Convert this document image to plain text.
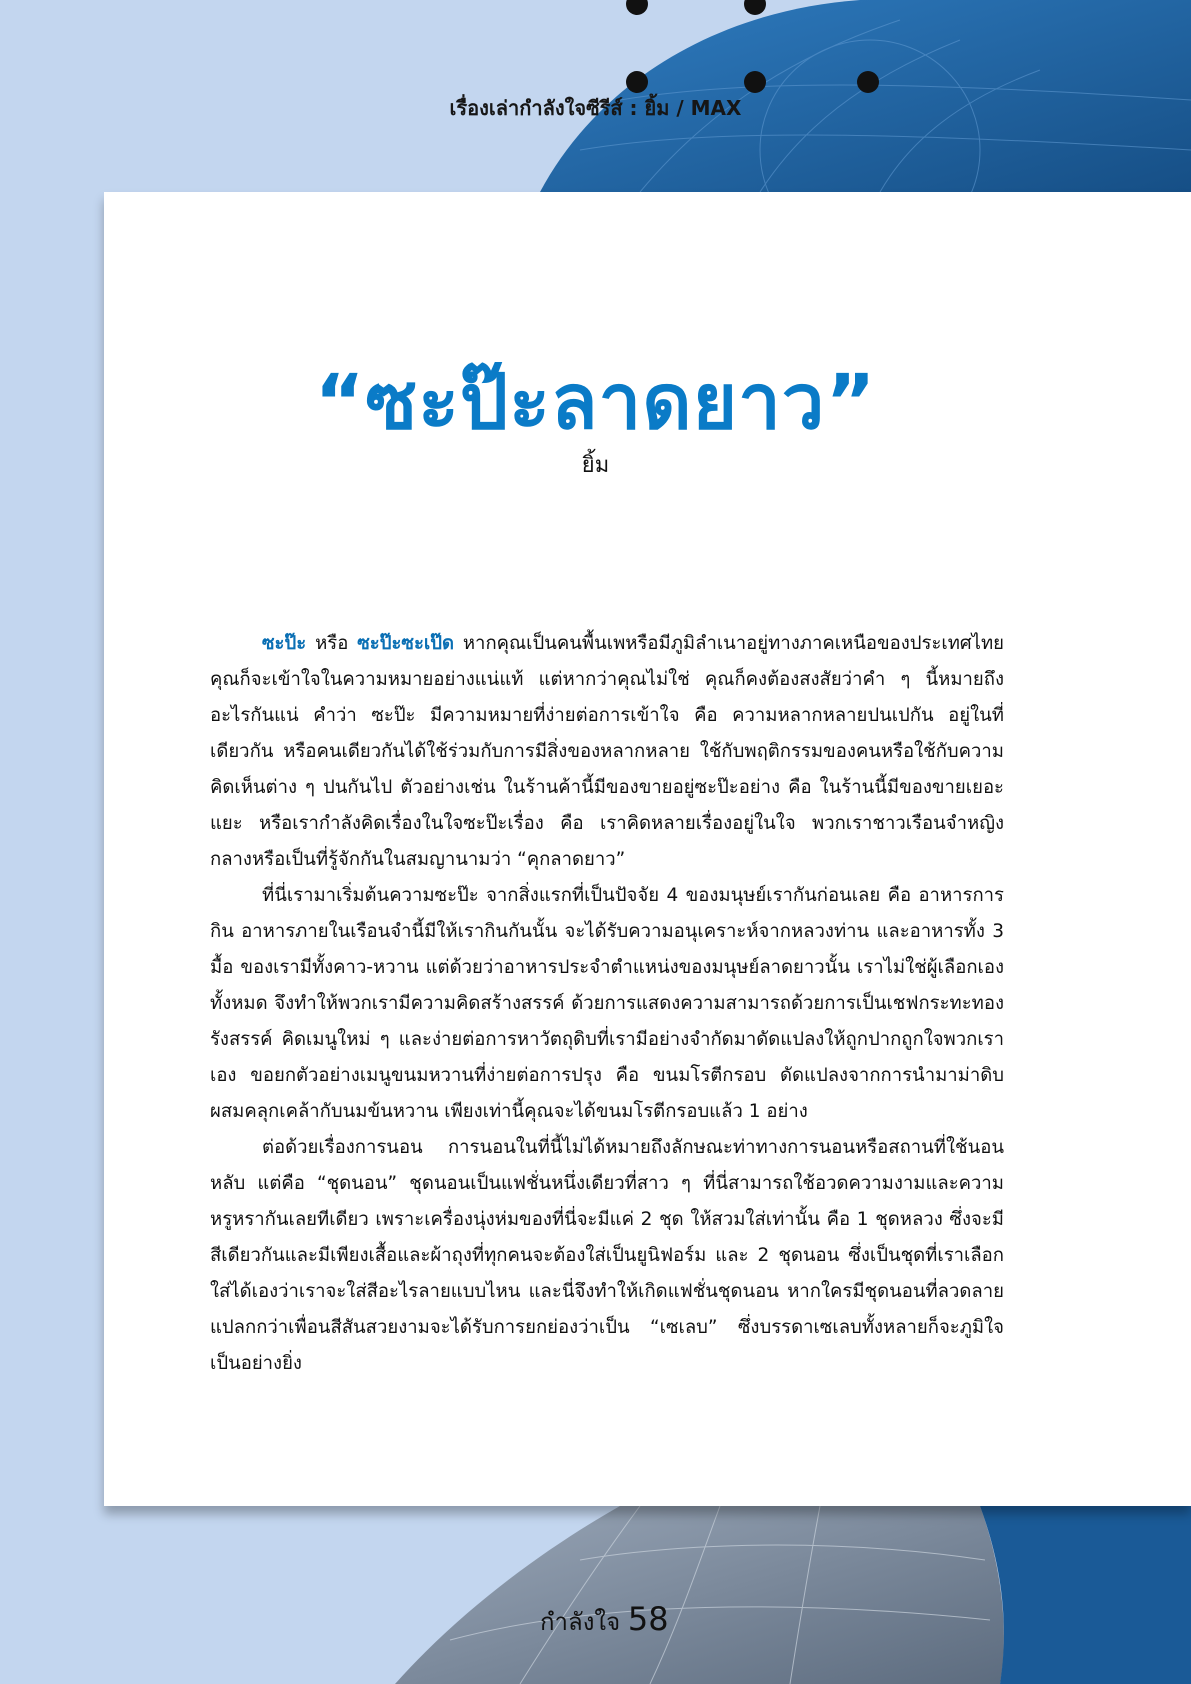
เรื่องเล่ากำลังใจซีรีส์ : ยิ้ม / MAX
“ซะป๊ะลาดยาว”
ยิ้ม

ซะป๊ะ หรือ ซะป๊ะซะเป๊ด หากคุณเป็นคนพื้นเพหรือมีภูมิลำเนาอยู่ทางภาคเหนือของประเทศไทย คุณก็จะเข้าใจในความหมายอย่างแน่แท้ แต่หากว่าคุณไม่ใช่ คุณก็คงต้องสงสัยว่าคำ ๆ นี้หมายถึงอะไรกันแน่ คำว่า ซะป๊ะ มีความหมายที่ง่ายต่อการเข้าใจ คือ ความหลากหลายปนเปกัน อยู่ในที่เดียวกัน หรือคนเดียวกันได้ใช้ร่วมกับการมีสิ่งของหลากหลาย ใช้กับพฤติกรรมของคนหรือใช้กับความคิดเห็นต่าง ๆ ปนกันไป ตัวอย่างเช่น ในร้านค้านี้มีของขายอยู่ซะป๊ะอย่าง คือ ในร้านนี้มีของขายเยอะแยะ หรือเรากำลังคิดเรื่องในใจซะป๊ะเรื่อง คือ เราคิดหลายเรื่องอยู่ในใจ พวกเราชาวเรือนจำหญิงกลางหรือเป็นที่รู้จักกันในสมญานามว่า “คุกลาดยาว”

ที่นี่เรามาเริ่มต้นความซะป๊ะ จากสิ่งแรกที่เป็นปัจจัย 4 ของมนุษย์เรากันก่อนเลย คือ อาหารการกิน อาหารภายในเรือนจำนี้มีให้เรากินกันนั้น จะได้รับความอนุเคราะห์จากหลวงท่าน และอาหารทั้ง 3 มื้อ ของเรามีทั้งคาว-หวาน แต่ด้วยว่าอาหารประจำตำแหน่งของมนุษย์ลาดยาวนั้น เราไม่ใช่ผู้เลือกเองทั้งหมด จึงทำให้พวกเรามีความคิดสร้างสรรค์ ด้วยการแสดงความสามารถด้วยการเป็นเชฟกระทะทอง รังสรรค์ คิดเมนูใหม่ ๆ และง่ายต่อการหาวัตถุดิบที่เรามีอย่างจำกัดมาดัดแปลงให้ถูกปากถูกใจพวกเราเอง ขอยกตัวอย่างเมนูขนมหวานที่ง่ายต่อการปรุง คือ ขนมโรตีกรอบ ดัดแปลงจากการนำมาม่าดิบผสมคลุกเคล้ากับนมข้นหวาน เพียงเท่านี้คุณจะได้ขนมโรตีกรอบแล้ว 1 อย่าง

ต่อด้วยเรื่องการนอน การนอนในที่นี้ไม่ได้หมายถึงลักษณะท่าทางการนอนหรือสถานที่ใช้นอนหลับ แต่คือ “ชุดนอน” ชุดนอนเป็นแฟชั่นหนึ่งเดียวที่สาว ๆ ที่นี่สามารถใช้อวดความงามและความหรูหรากันเลยทีเดียว เพราะเครื่องนุ่งห่มของที่นี่จะมีแค่ 2 ชุด ให้สวมใส่เท่านั้น คือ 1 ชุดหลวง ซึ่งจะมีสีเดียวกันและมีเพียงเสื้อและผ้าถุงที่ทุกคนจะต้องใส่เป็นยูนิฟอร์ม และ 2 ชุดนอน ซึ่งเป็นชุดที่เราเลือกใส่ได้เองว่าเราจะใส่สีอะไรลายแบบไหน และนี่จึงทำให้เกิดแฟชั่นชุดนอน หากใครมีชุดนอนที่ลวดลายแปลกกว่าเพื่อนสีสันสวยงามจะได้รับการยกย่องว่าเป็น “เซเลบ” ซึ่งบรรดาเซเลบทั้งหลายก็จะภูมิใจเป็นอย่างยิ่ง

กำลังใจ 58
